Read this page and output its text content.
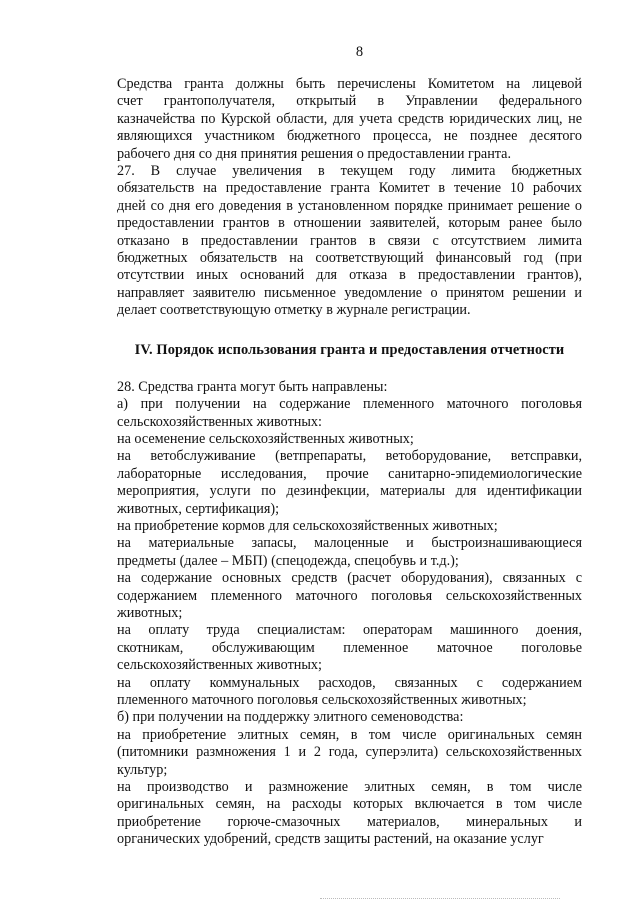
8
Средства гранта должны быть перечислены Комитетом на лицевой
счет грантополучателя, открытый в Управлении федерального
казначейства по Курской области, для учета средств юридических лиц, не
являющихся участником бюджетного процесса, не позднее десятого
рабочего дня со дня принятия решения о предоставлении гранта.
27. В случае увеличения в текущем году лимита бюджетных
обязательств на предоставление гранта Комитет в течение 10 рабочих
дней со дня его доведения в установленном порядке принимает решение о
предоставлении грантов в отношении заявителей, которым ранее было
отказано в предоставлении грантов в связи с отсутствием лимита
бюджетных обязательств на соответствующий финансовый год (при
отсутствии иных оснований для отказа в предоставлении грантов),
направляет заявителю письменное уведомление о принятом решении и
делает соответствующую отметку в журнале регистрации.
IV. Порядок использования гранта и предоставления отчетности
28. Средства гранта могут быть направлены:
а) при получении на содержание племенного маточного поголовья
сельскохозяйственных животных:
на осеменение сельскохозяйственных животных;
на ветобслуживание (ветпрепараты, ветоборудование, ветсправки,
лабораторные исследования, прочие санитарно-эпидемиологические
мероприятия, услуги по дезинфекции, материалы для идентификации
животных, сертификация);
на приобретение кормов для сельскохозяйственных животных;
на материальные запасы, малоценные и быстроизнашивающиеся
предметы (далее – МБП) (спецодежда, спецобувь и т.д.);
на содержание основных средств (расчет оборудования), связанных с
содержанием племенного маточного поголовья сельскохозяйственных
животных;
на оплату труда специалистам: операторам машинного доения,
скотникам, обслуживающим племенное маточное поголовье
сельскохозяйственных животных;
на оплату коммунальных расходов, связанных с содержанием
племенного маточного поголовья сельскохозяйственных животных;
б) при получении на поддержку элитного семеноводства:
на приобретение элитных семян, в том числе оригинальных семян
(питомники размножения 1 и 2 года, суперэлита) сельскохозяйственных
культур;
на производство и размножение элитных семян, в том числе
оригинальных семян, на расходы которых включается в том числе
приобретение горюче-смазочных материалов, минеральных и
органических удобрений, средств защиты растений, на оказание услуг
